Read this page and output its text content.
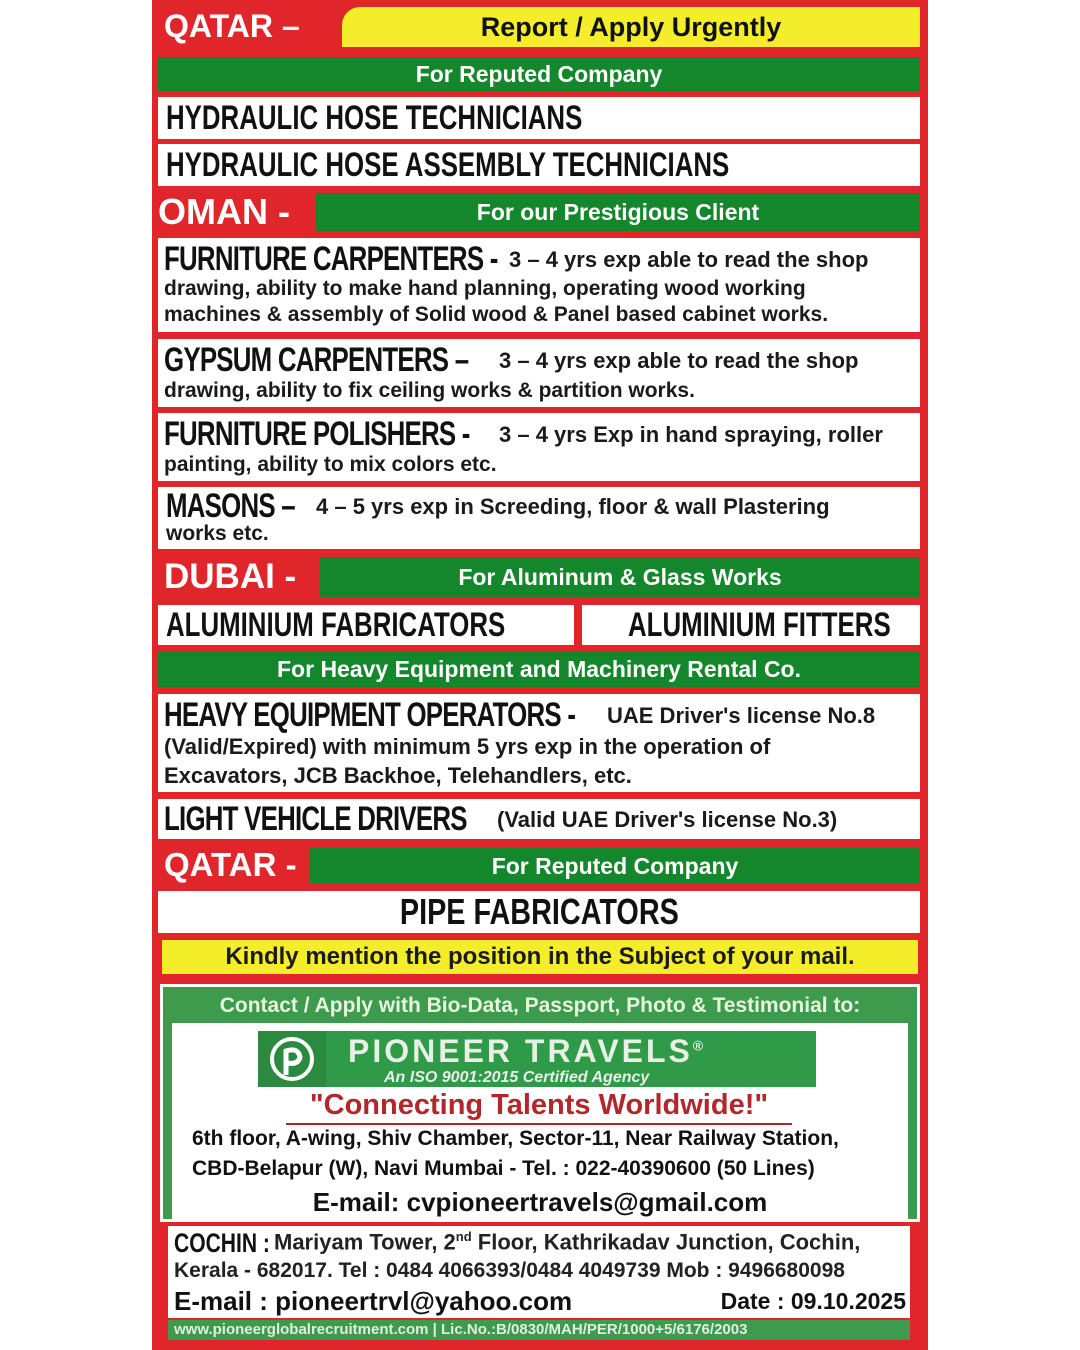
QATAR –	Report / Apply Urgently
For Reputed Company
HYDRAULIC HOSE TECHNICIANS
HYDRAULIC HOSE ASSEMBLY TECHNICIANS
OMAN -	For our Prestigious Client
FURNITURE CARPENTERS - 3 – 4 yrs exp able to read the shop
drawing, ability to make hand planning, operating wood working
machines & assembly of Solid wood & Panel based cabinet works.
GYPSUM CARPENTERS – 3 – 4 yrs exp able to read the shop
drawing, ability to fix ceiling works & partition works.
FURNITURE POLISHERS - 3 – 4 yrs Exp in hand spraying, roller
painting, ability to mix colors etc.
MASONS – 4 – 5 yrs exp in Screeding, floor & wall Plastering
works etc.
DUBAI -	For Aluminum & Glass Works
ALUMINIUM FABRICATORS	ALUMINIUM FITTERS
For Heavy Equipment and Machinery Rental Co.
HEAVY EQUIPMENT OPERATORS - UAE Driver's license No.8
(Valid/Expired) with minimum 5 yrs exp in the operation of
Excavators, JCB Backhoe, Telehandlers, etc.
LIGHT VEHICLE DRIVERS (Valid UAE Driver's license No.3)
QATAR -	For Reputed Company
PIPE FABRICATORS
Kindly mention the position in the Subject of your mail.
Contact / Apply with Bio-Data, Passport, Photo & Testimonial to:
PIONEER TRAVELS®
An ISO 9001:2015 Certified Agency
"Connecting Talents Worldwide!"
6th floor, A-wing, Shiv Chamber, Sector-11, Near Railway Station,
CBD-Belapur (W), Navi Mumbai - Tel. : 022-40390600 (50 Lines)
E-mail: cvpioneertravels@gmail.com
COCHIN : Mariyam Tower, 2nd Floor, Kathrikadav Junction, Cochin,
Kerala - 682017. Tel : 0484 4066393/0484 4049739 Mob : 9496680098
E-mail : pioneertrvl@yahoo.com	Date : 09.10.2025
www.pioneerglobalrecruitment.com | Lic.No.:B/0830/MAH/PER/1000+5/6176/2003
